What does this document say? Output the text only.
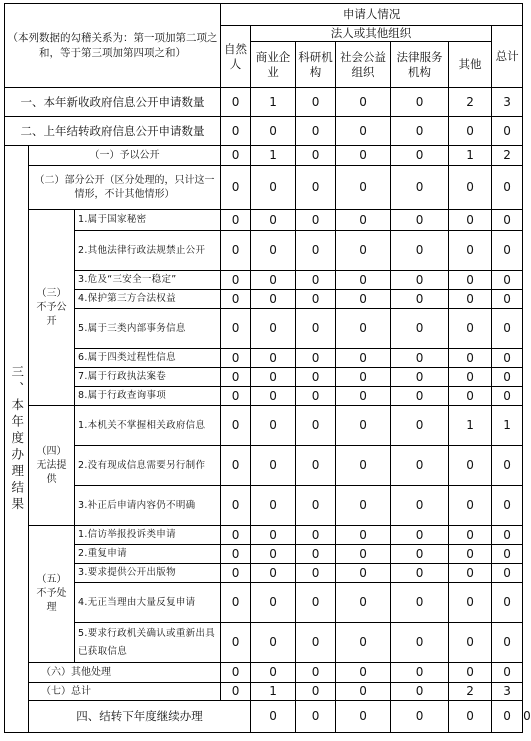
（本列数据的勾稽关系为：第一项加第二项之和，等于第三项加第四项之和）			申请人情况							
			自然人	法人或其他组织					总计	
				商业企业	科研机构	社会公益组织	法律服务机构	其他		
一、本年新收政府信息公开申请数量			0	1	0	0	0	2	3	
二、上年结转政府信息公开申请数量			0	0	0	0	0	0	0	
三、本年度办理结果	（一）予以公开		0	1	0	0	0	1	2	
	（二）部分公开（区分处理的，只计这一情形，不计其他情形）		0	0	0	0	0	0	0	
	（三）不予公开	1.属于国家秘密	0	0	0	0	0	0	0	
		2.其他法律行政法规禁止公开	0	0	0	0	0	0	0	
		3.危及“三安全一稳定”	0	0	0	0	0	0	0	
		4.保护第三方合法权益	0	0	0	0	0	0	0	
		5.属于三类内部事务信息	0	0	0	0	0	0	0	
		6.属于四类过程性信息	0	0	0	0	0	0	0	
		7.属于行政执法案卷	0	0	0	0	0	0	0	
		8.属于行政查询事项	0	0	0	0	0	0	0	
	（四）无法提供	1.本机关不掌握相关政府信息	0	0	0	0	0	1	1	
		2.没有现成信息需要另行制作	0	0	0	0	0	0	0	
		3.补正后申请内容仍不明确	0	0	0	0	0	0	0	
	（五）不予处理	1.信访举报投诉类申请	0	0	0	0	0	0	0	
		2.重复申请	0	0	0	0	0	0	0	
		3.要求提供公开出版物	0	0	0	0	0	0	0	
		4.无正当理由大量反复申请	0	0	0	0	0	0	0	
		5.要求行政机关确认或重新出具已获取信息	0	0	0	0	0	0	0	
	（六）其他处理		0	0	0	0	0	0	0	
	（七）总计		0	1	0	0	0	2	3	
	四、结转下年度继续办理			0	0	0	0	0	0	0
